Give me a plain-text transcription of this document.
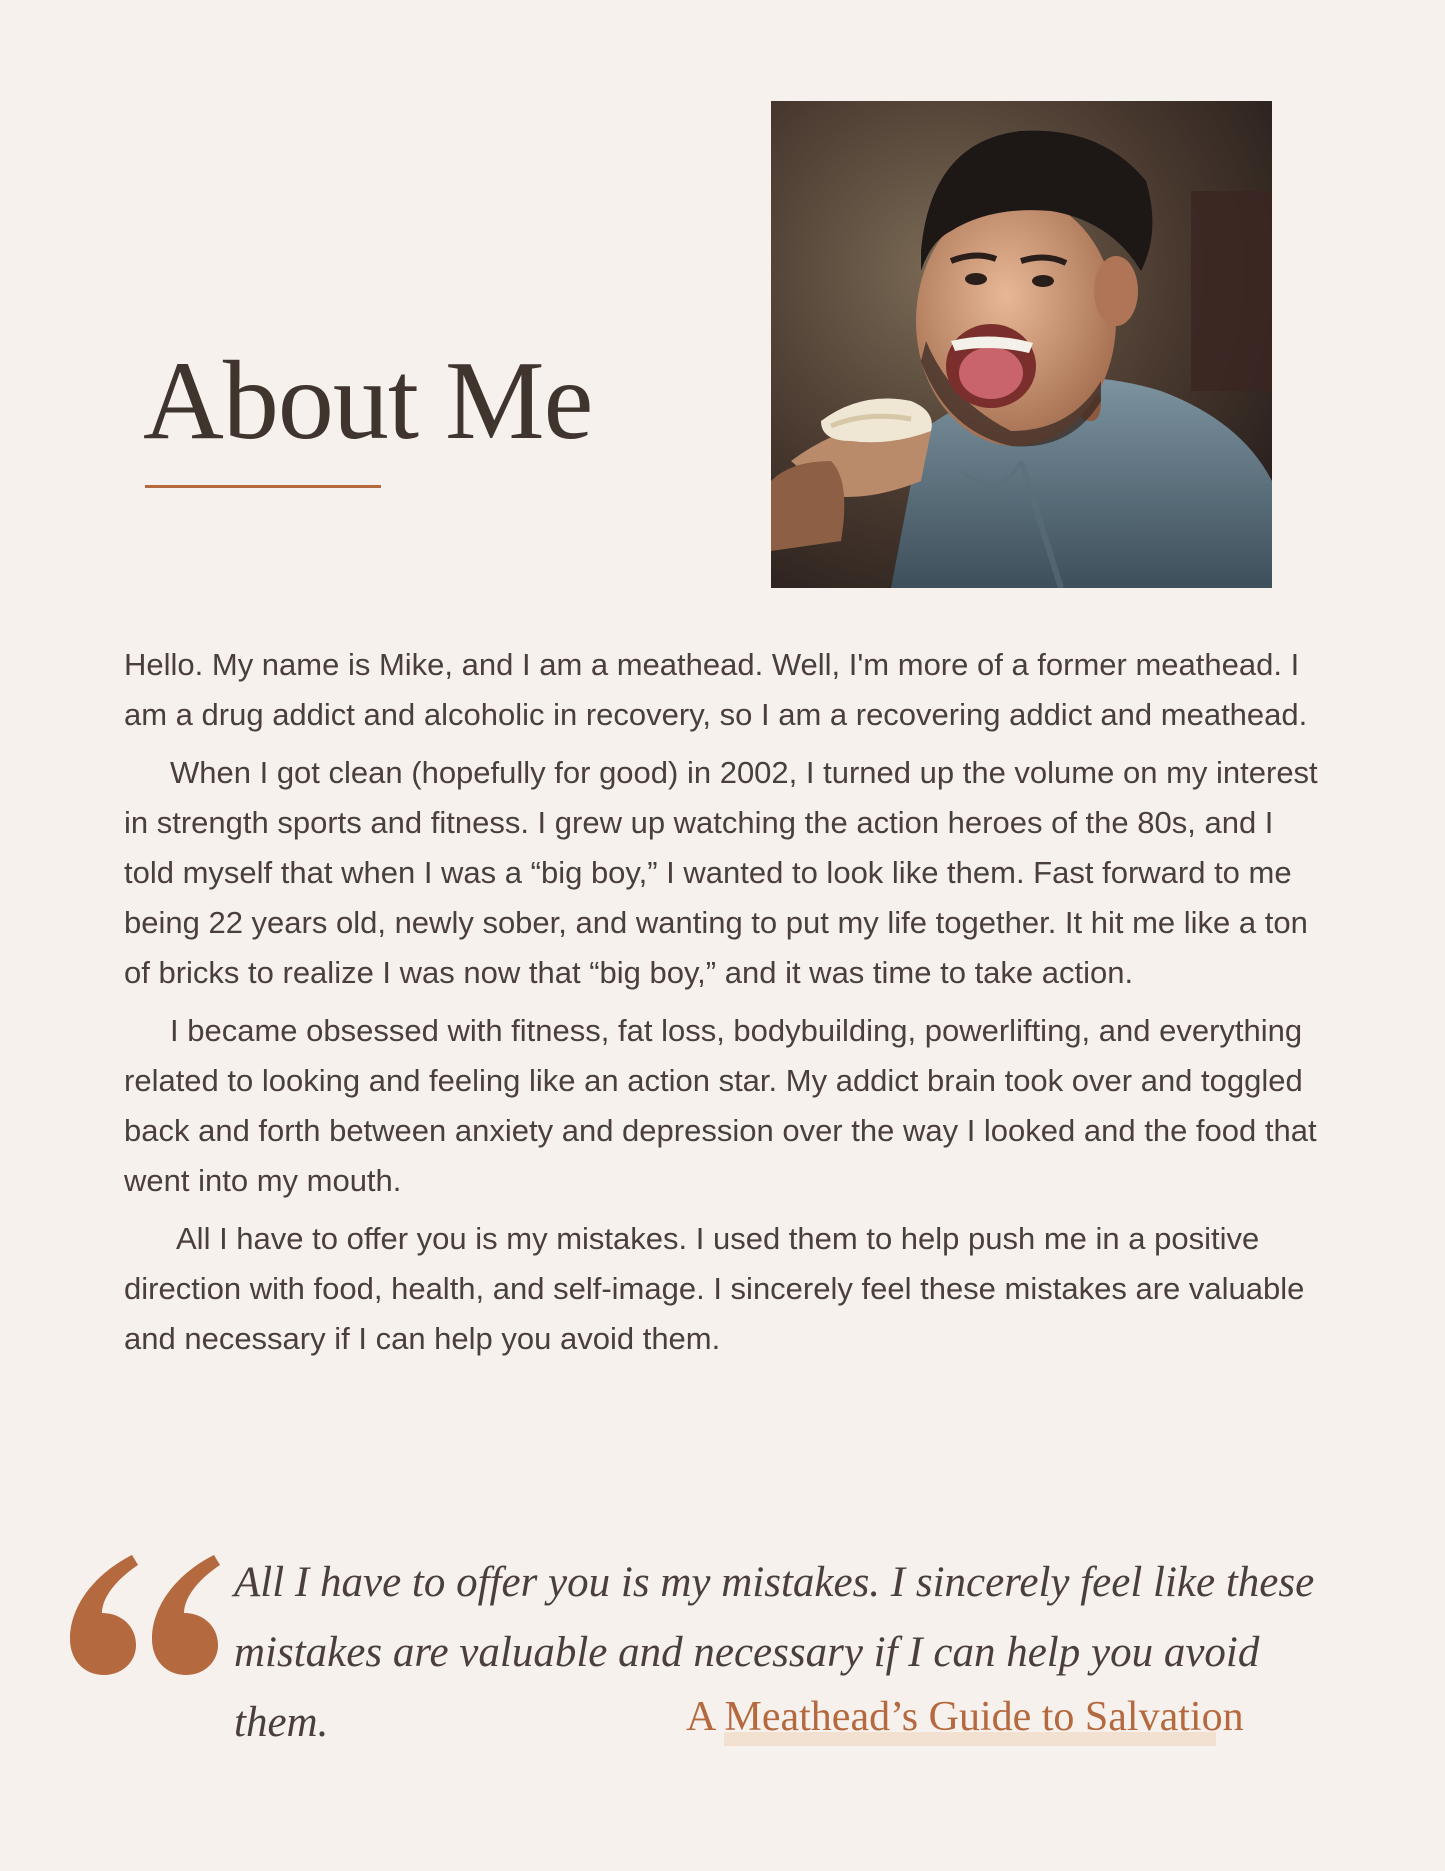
About Me

Hello. My name is Mike, and I am a meathead. Well, I'm more of a former meathead. I am a drug addict and alcoholic in recovery, so I am a recovering addict and meathead.

When I got clean (hopefully for good) in 2002, I turned up the volume on my interest in strength sports and fitness. I grew up watching the action heroes of the 80s, and I told myself that when I was a “big boy,” I wanted to look like them. Fast forward to me being 22 years old, newly sober, and wanting to put my life together. It hit me like a ton of bricks to realize I was now that “big boy,” and it was time to take action.

I became obsessed with fitness, fat loss, bodybuilding, powerlifting, and everything related to looking and feeling like an action star. My addict brain took over and toggled back and forth between anxiety and depression over the way I looked and the food that went into my mouth.

All I have to offer you is my mistakes. I used them to help push me in a positive direction with food, health, and self-image. I sincerely feel these mistakes are valuable and necessary if I can help you avoid them.

All I have to offer you is my mistakes. I sincerely feel like these mistakes are valuable and necessary if I can help you avoid them.	A Meathead’s Guide to Salvation
